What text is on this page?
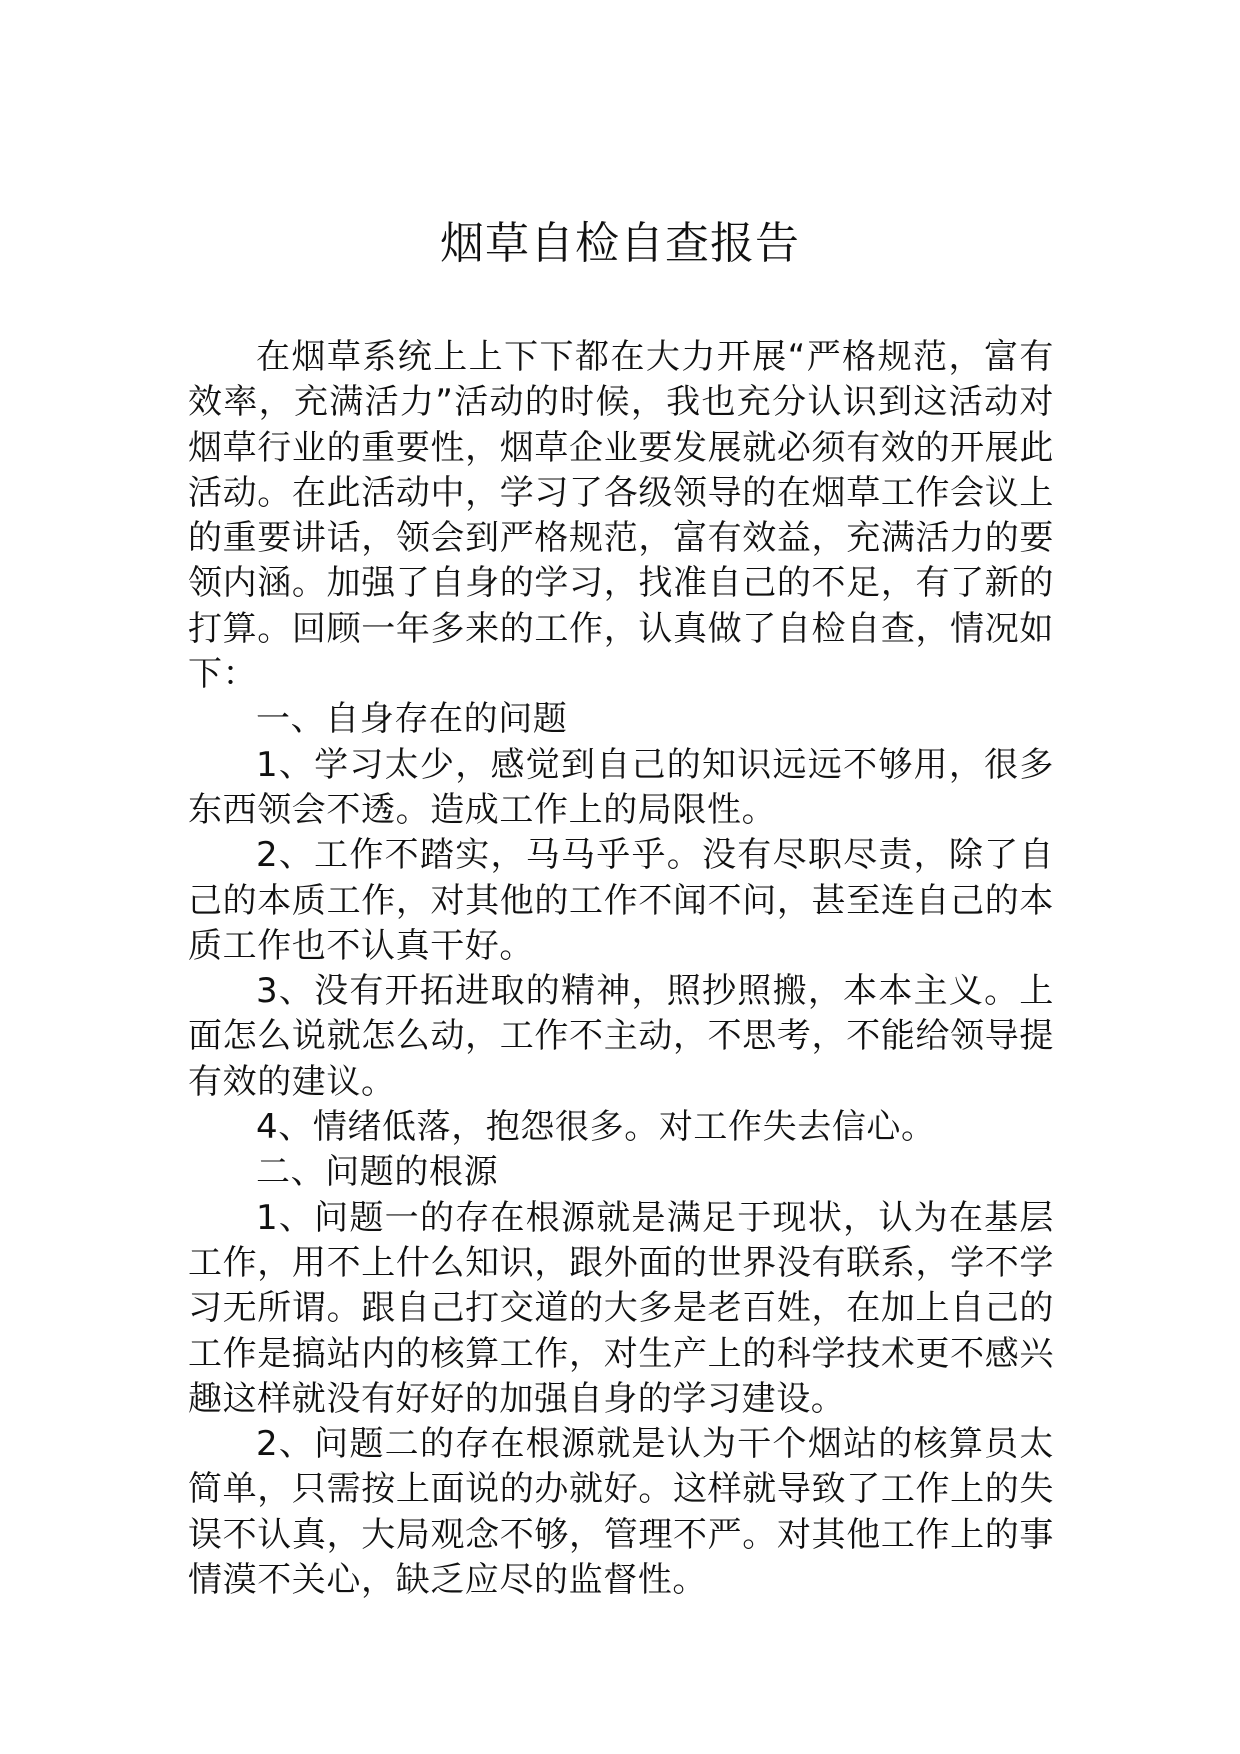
烟草自检自查报告

在烟草系统上上下下都在大力开展“严格规范，富有效率，充满活力”活动的时候，我也充分认识到这活动对烟草行业的重要性，烟草企业要发展就必须有效的开展此活动。在此活动中，学习了各级领导的在烟草工作会议上的重要讲话，领会到严格规范，富有效益，充满活力的要领内涵。加强了自身的学习，找准自己的不足，有了新的打算。回顾一年多来的工作，认真做了自检自查，情况如下：

一、自身存在的问题

1、学习太少，感觉到自己的知识远远不够用，很多东西领会不透。造成工作上的局限性。

2、工作不踏实，马马乎乎。没有尽职尽责，除了自己的本质工作，对其他的工作不闻不问，甚至连自己的本质工作也不认真干好。

3、没有开拓进取的精神，照抄照搬，本本主义。上面怎么说就怎么动，工作不主动，不思考，不能给领导提有效的建议。

4、情绪低落，抱怨很多。对工作失去信心。

二、问题的根源

1、问题一的存在根源就是满足于现状，认为在基层工作，用不上什么知识，跟外面的世界没有联系，学不学习无所谓。跟自己打交道的大多是老百姓，在加上自己的工作是搞站内的核算工作，对生产上的科学技术更不感兴趣这样就没有好好的加强自身的学习建设。

2、问题二的存在根源就是认为干个烟站的核算员太简单，只需按上面说的办就好。这样就导致了工作上的失误不认真，大局观念不够，管理不严。对其他工作上的事情漠不关心，缺乏应尽的监督性。
